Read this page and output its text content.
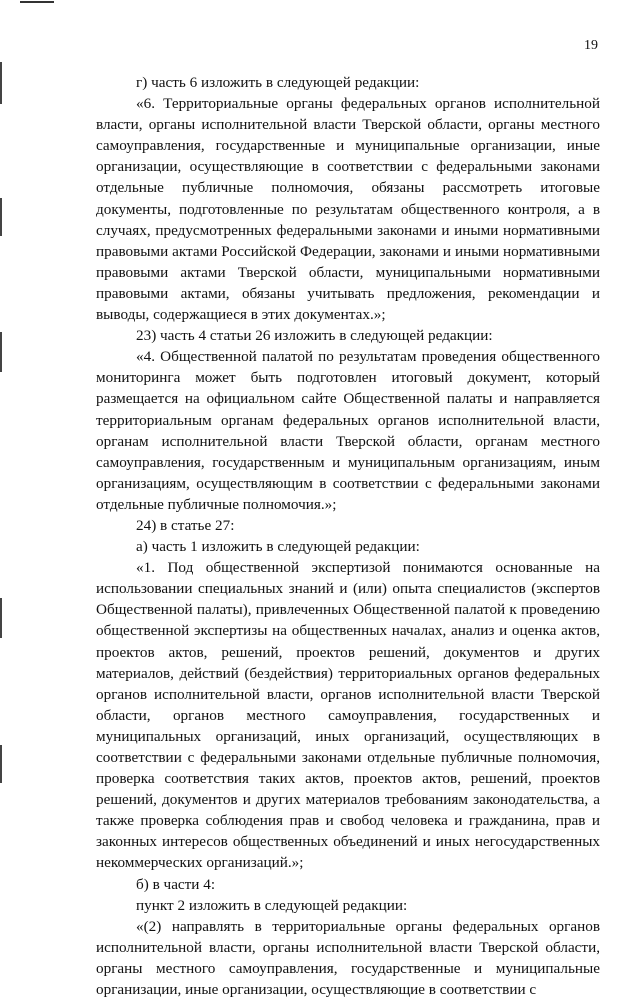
19

г) часть 6 изложить в следующей редакции:

«6. Территориальные органы федеральных органов исполнительной власти, органы исполнительной власти Тверской области, органы местного самоуправления, государственные и муниципальные организации, иные организации, осуществляющие в соответствии с федеральными законами отдельные публичные полномочия, обязаны рассмотреть итоговые документы, подготовленные по результатам общественного контроля, а в случаях, предусмотренных федеральными законами и иными нормативными правовыми актами Российской Федерации, законами и иными нормативными правовыми актами Тверской области, муниципальными нормативными правовыми актами, обязаны учитывать предложения, рекомендации и выводы, содержащиеся в этих документах.»;

23) часть 4 статьи 26 изложить в следующей редакции:

«4. Общественной палатой по результатам проведения общественного мониторинга может быть подготовлен итоговый документ, который размещается на официальном сайте Общественной палаты и направляется территориальным органам федеральных органов исполнительной власти, органам исполнительной власти Тверской области, органам местного самоуправления, государственным и муниципальным организациям, иным организациям, осуществляющим в соответствии с федеральными законами отдельные публичные полномочия.»;

24) в статье 27:

а) часть 1 изложить в следующей редакции:

«1. Под общественной экспертизой понимаются основанные на использовании специальных знаний и (или) опыта специалистов (экспертов Общественной палаты), привлеченных Общественной палатой к проведению общественной экспертизы на общественных началах, анализ и оценка актов, проектов актов, решений, проектов решений, документов и других материалов, действий (бездействия) территориальных органов федеральных органов исполнительной власти, органов исполнительной власти Тверской области, органов местного самоуправления, государственных и муниципальных организаций, иных организаций, осуществляющих в соответствии с федеральными законами отдельные публичные полномочия, проверка соответствия таких актов, проектов актов, решений, проектов решений, документов и других материалов требованиям законодательства, а также проверка соблюдения прав и свобод человека и гражданина, прав и законных интересов общественных объединений и иных негосударственных некоммерческих организаций.»;

б) в части 4:

пункт 2 изложить в следующей редакции:

«(2) направлять в территориальные органы федеральных органов исполнительной власти, органы исполнительной власти Тверской области, органы местного самоуправления, государственные и муниципальные организации, иные организации, осуществляющие в соответствии с
